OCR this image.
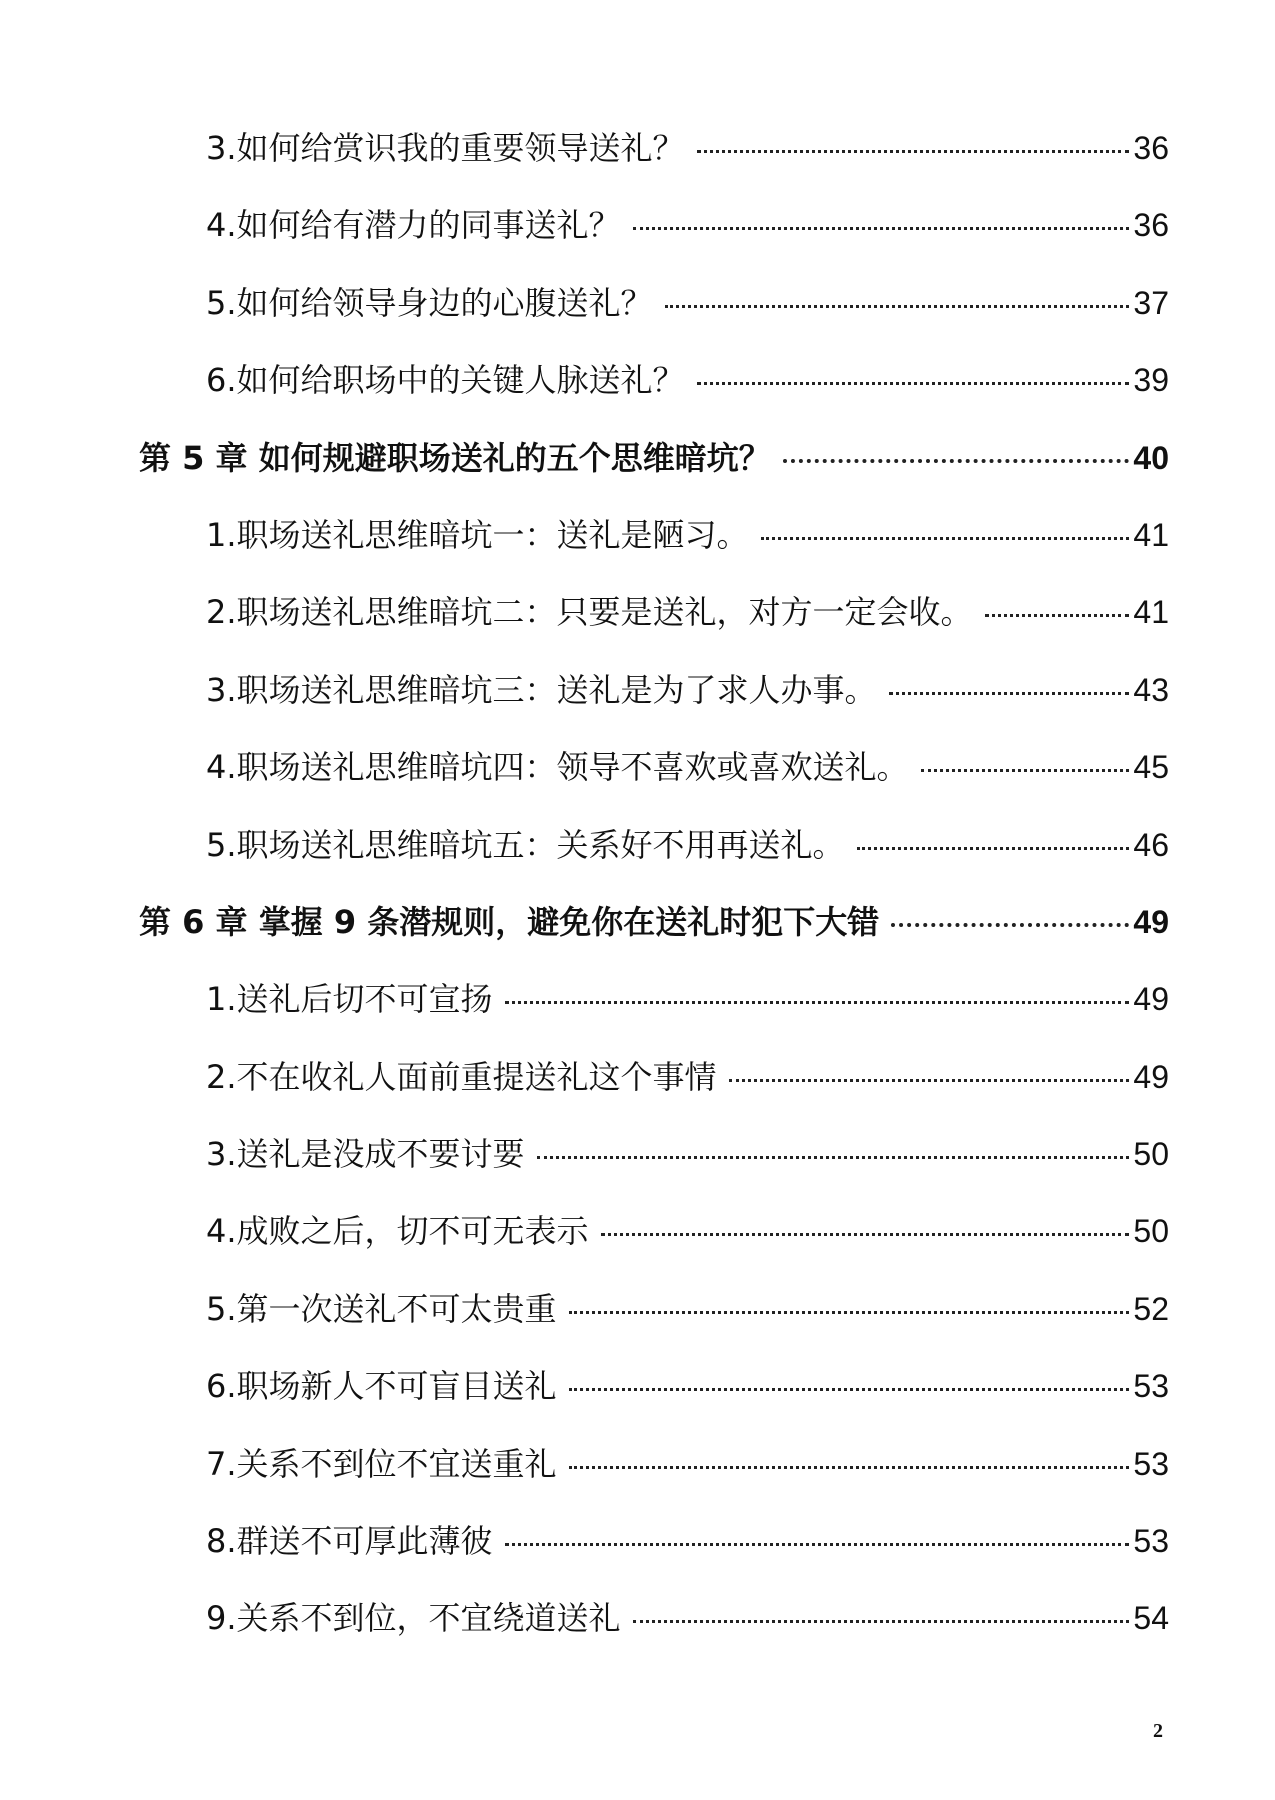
3.如何给赏识我的重要领导送礼？	36
4.如何给有潜力的同事送礼？	36
5.如何给领导身边的心腹送礼？	37
6.如何给职场中的关键人脉送礼？	39
第 5 章 如何规避职场送礼的五个思维暗坑？	40
1.职场送礼思维暗坑一：送礼是陋习。	41
2.职场送礼思维暗坑二：只要是送礼，对方一定会收。	41
3.职场送礼思维暗坑三：送礼是为了求人办事。	43
4.职场送礼思维暗坑四：领导不喜欢或喜欢送礼。	45
5.职场送礼思维暗坑五：关系好不用再送礼。	46
第 6 章 掌握 9 条潜规则，避免你在送礼时犯下大错	49
1.送礼后切不可宣扬	49
2.不在收礼人面前重提送礼这个事情	49
3.送礼是没成不要讨要	50
4.成败之后，切不可无表示	50
5.第一次送礼不可太贵重	52
6.职场新人不可盲目送礼	53
7.关系不到位不宜送重礼	53
8.群送不可厚此薄彼	53
9.关系不到位，不宜绕道送礼	54
2
